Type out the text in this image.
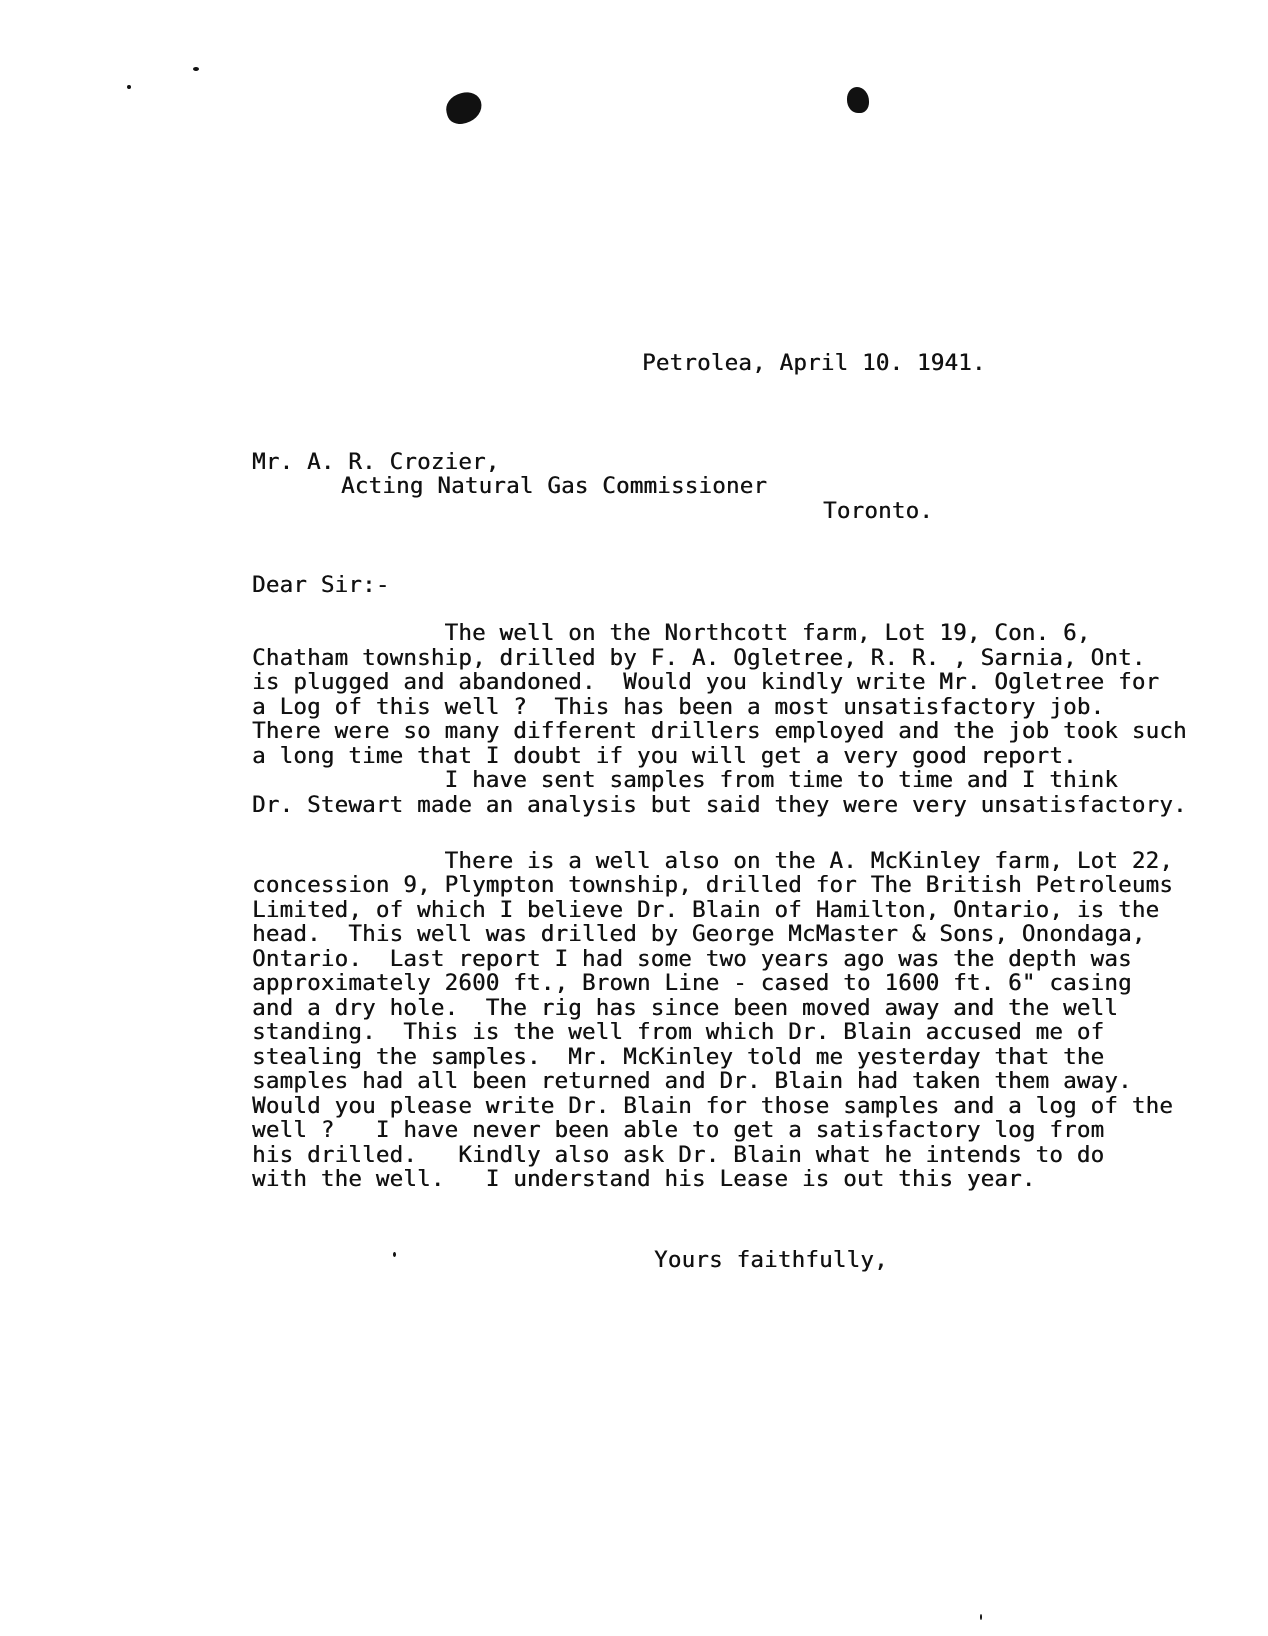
Petrolea, April 10. 1941.
Mr. A. R. Crozier,
Acting Natural Gas Commissioner
Toronto.
Dear Sir:-
The well on the Northcott farm, Lot 19, Con. 6,
Chatham township, drilled by F. A. Ogletree, R. R. , Sarnia, Ont.
is plugged and abandoned.  Would you kindly write Mr. Ogletree for
a Log of this well ?  This has been a most unsatisfactory job.
There were so many different drillers employed and the job took such
a long time that I doubt if you will get a very good report.
I have sent samples from time to time and I think
Dr. Stewart made an analysis but said they were very unsatisfactory.
There is a well also on the A. McKinley farm, Lot 22,
concession 9, Plympton township, drilled for The British Petroleums
Limited, of which I believe Dr. Blain of Hamilton, Ontario, is the
head.  This well was drilled by George McMaster & Sons, Onondaga,
Ontario.  Last report I had some two years ago was the depth was
approximately 2600 ft., Brown Line - cased to 1600 ft. 6" casing
and a dry hole.  The rig has since been moved away and the well
standing.  This is the well from which Dr. Blain accused me of
stealing the samples.  Mr. McKinley told me yesterday that the
samples had all been returned and Dr. Blain had taken them away.
Would you please write Dr. Blain for those samples and a log of the
well ?   I have never been able to get a satisfactory log from
his drilled.   Kindly also ask Dr. Blain what he intends to do
with the well.   I understand his Lease is out this year.
Yours faithfully,
